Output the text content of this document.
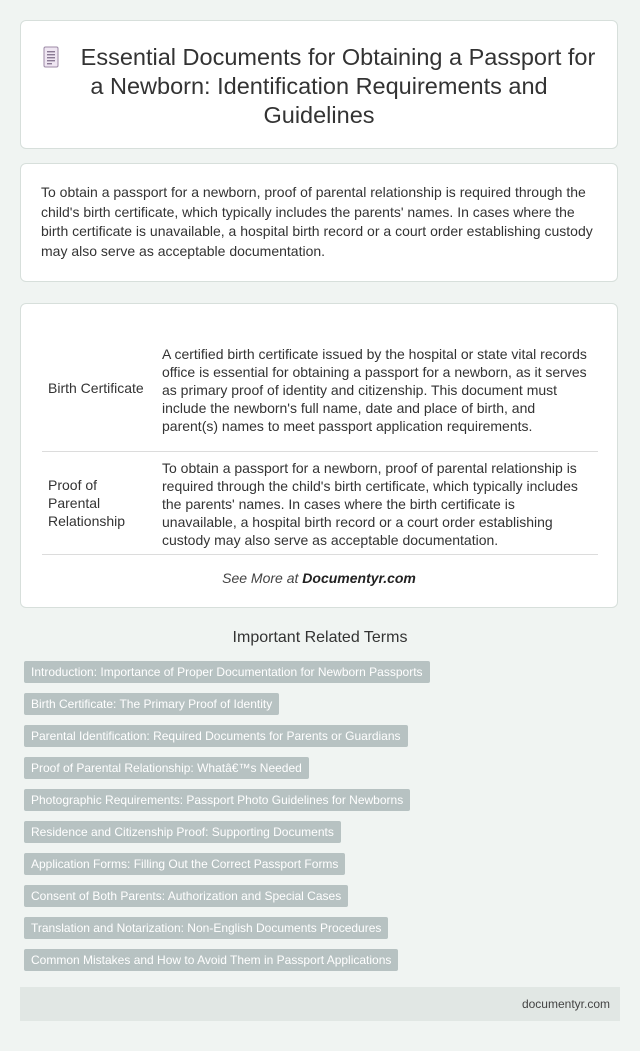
Essential Documents for Obtaining a Passport for a Newborn: Identification Requirements and Guidelines
To obtain a passport for a newborn, proof of parental relationship is required through the child's birth certificate, which typically includes the parents' names. In cases where the birth certificate is unavailable, a hospital birth record or a court order establishing custody may also serve as acceptable documentation.
Birth Certificate	A certified birth certificate issued by the hospital or state vital records office is essential for obtaining a passport for a newborn, as it serves as primary proof of identity and citizenship. This document must include the newborn's full name, date and place of birth, and parent(s) names to meet passport application requirements.
Proof of Parental Relationship	To obtain a passport for a newborn, proof of parental relationship is required through the child's birth certificate, which typically includes the parents' names. In cases where the birth certificate is unavailable, a hospital birth record or a court order establishing custody may also serve as acceptable documentation.
See More at Documentyr.com
Important Related Terms
Introduction: Importance of Proper Documentation for Newborn Passports
Birth Certificate: The Primary Proof of Identity
Parental Identification: Required Documents for Parents or Guardians
Proof of Parental Relationship: Whatâ€™s Needed
Photographic Requirements: Passport Photo Guidelines for Newborns
Residence and Citizenship Proof: Supporting Documents
Application Forms: Filling Out the Correct Passport Forms
Consent of Both Parents: Authorization and Special Cases
Translation and Notarization: Non-English Documents Procedures
Common Mistakes and How to Avoid Them in Passport Applications
documentyr.com
